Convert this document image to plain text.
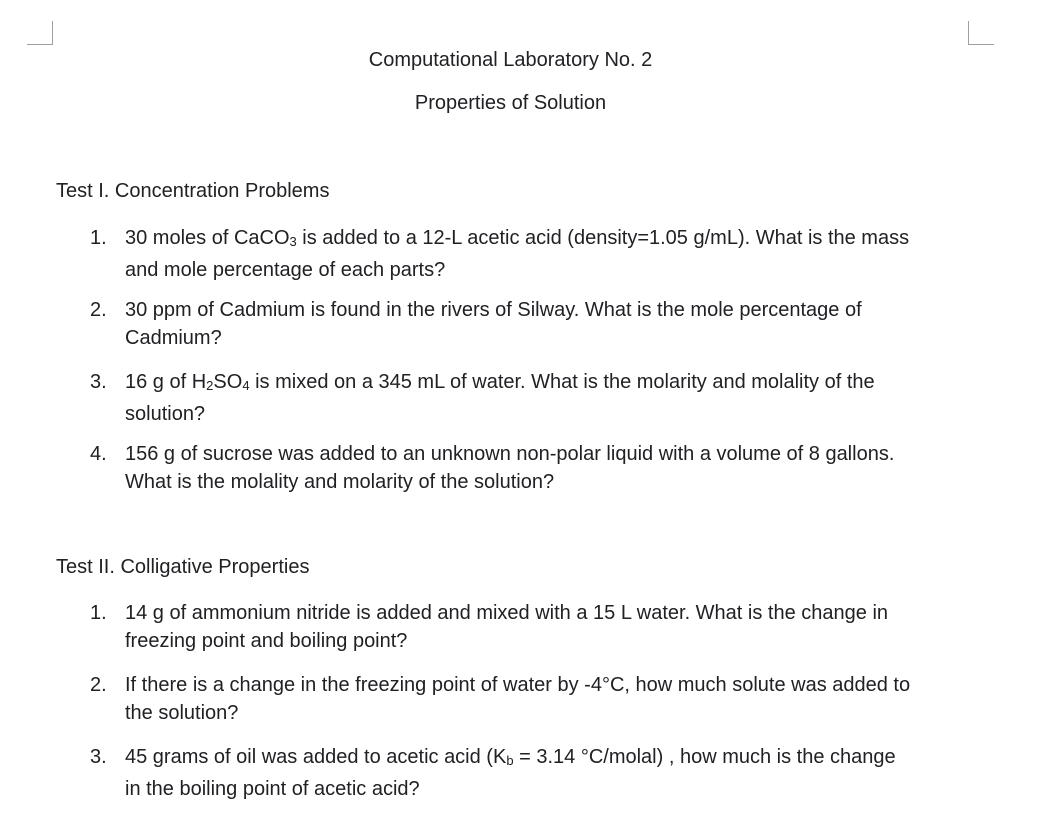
Computational Laboratory No. 2
Properties of Solution
Test I. Concentration Problems
1. 30 moles of CaCO3 is added to a 12-L acetic acid (density=1.05 g/mL). What is the mass
and mole percentage of each parts?
2. 30 ppm of Cadmium is found in the rivers of Silway. What is the mole percentage of
Cadmium?
3. 16 g of H2SO4 is mixed on a 345 mL of water. What is the molarity and molality of the
solution?
4. 156 g of sucrose was added to an unknown non-polar liquid with a volume of 8 gallons.
What is the molality and molarity of the solution?
Test II. Colligative Properties
1. 14 g of ammonium nitride is added and mixed with a 15 L water. What is the change in
freezing point and boiling point?
2. If there is a change in the freezing point of water by -4°C, how much solute was added to
the solution?
3. 45 grams of oil was added to acetic acid (Kb = 3.14 °C/molal) , how much is the change
in the boiling point of acetic acid?
